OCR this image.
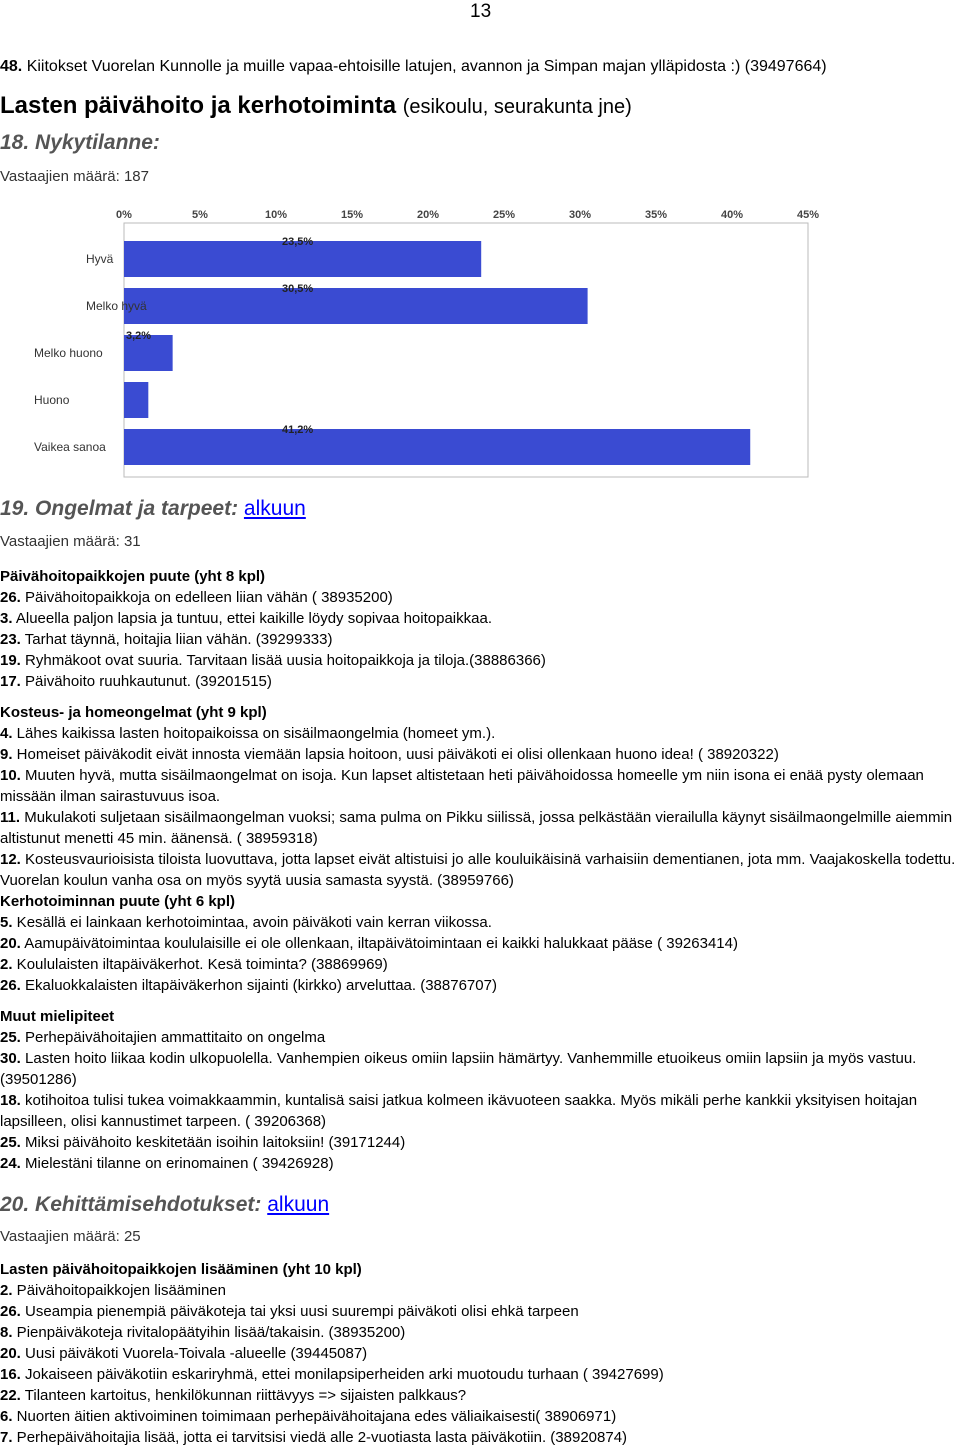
13
48. Kiitokset Vuorelan Kunnolle ja muille vapaa-ehtoisille latujen, avannon ja Simpan majan ylläpidosta :) (39497664)
Lasten päivähoito ja kerhotoiminta (esikoulu, seurakunta jne)
18. Nykytilanne:
Vastaajien määrä: 187
0%	5%	10%	15%	20%	25%	30%	35%	40%	45%
23,5%
30,5%
3,2%
41,2%
Hyvä
Melko hyvä
Melko huono
Huono
Vaikea sanoa
19. Ongelmat ja tarpeet: alkuun
Vastaajien määrä: 31

Päivähoitopaikkojen puute (yht 8 kpl)

26. Päivähoitopaikkoja on edelleen liian vähän ( 38935200)

3. Alueella paljon lapsia ja tuntuu, ettei kaikille löydy sopivaa hoitopaikkaa.

23. Tarhat täynnä, hoitajia liian vähän. (39299333)

19. Ryhmäkoot ovat suuria. Tarvitaan lisää uusia hoitopaikkoja ja tiloja.(38886366)

17. Päivähoito ruuhkautunut. (39201515)

Kosteus- ja homeongelmat (yht 9 kpl)

4. Lähes kaikissa lasten hoitopaikoissa on sisäilmaongelmia (homeet ym.).

9. Homeiset päiväkodit eivät innosta viemään lapsia hoitoon, uusi päiväkoti ei olisi ollenkaan huono idea! ( 38920322)

10. Muuten hyvä, mutta sisäilmaongelmat on isoja. Kun lapset altistetaan heti päivähoidossa homeelle ym niin isona ei enää pysty olemaan missään ilman sairastuvuus isoa.

11. Mukulakoti suljetaan sisäilmaongelman vuoksi; sama pulma on Pikku siilissä, jossa pelkästään vierailulla käynyt sisäilmaongelmille aiemmin altistunut menetti 45 min. äänensä. ( 38959318)

12. Kosteusvaurioisista tiloista luovuttava, jotta lapset eivät altistuisi jo alle kouluikäisinä varhaisiin dementianen, jota mm. Vaajakoskella todettu. Vuorelan koulun vanha osa on myös syytä uusia samasta syystä. (38959766)

Kerhotoiminnan puute (yht 6 kpl)

5. Kesällä ei lainkaan kerhotoimintaa, avoin päiväkoti vain kerran viikossa.

20. Aamupäivätoimintaa koululaisille ei ole ollenkaan, iltapäivätoimintaan ei kaikki halukkaat pääse ( 39263414)

2. Koululaisten iltapäiväkerhot. Kesä toiminta? (38869969)

26. Ekaluokkalaisten iltapäiväkerhon sijainti (kirkko) arveluttaa. (38876707)

Muut mielipiteet

25. Perhepäivähoitajien ammattitaito on ongelma

30. Lasten hoito liikaa kodin ulkopuolella. Vanhempien oikeus omiin lapsiin hämärtyy. Vanhemmille etuoikeus omiin lapsiin ja myös vastuu. (39501286)

18. kotihoitoa tulisi tukea voimakkaammin, kuntalisä saisi jatkua kolmeen ikävuoteen saakka. Myös mikäli perhe kankkii yksityisen hoitajan lapsilleen, olisi kannustimet tarpeen. ( 39206368)

25. Miksi päivähoito keskitetään isoihin laitoksiin! (39171244)

24. Mielestäni tilanne on erinomainen ( 39426928)

20. Kehittämisehdotukset: alkuun
Vastaajien määrä: 25

Lasten päivähoitopaikkojen lisääminen (yht 10 kpl)

2. Päivähoitopaikkojen lisääminen

26. Useampia pienempiä päiväkoteja tai yksi uusi suurempi päiväkoti olisi ehkä tarpeen

8. Pienpäiväkoteja rivitalopäätyihin lisää/takaisin. (38935200)

20. Uusi päiväkoti Vuorela-Toivala -alueelle (39445087)

16. Jokaiseen päiväkotiin eskariryhmä, ettei monilapsiperheiden arki muotoudu turhaan ( 39427699)

22. Tilanteen kartoitus, henkilökunnan riittävyys => sijaisten palkkaus?

6. Nuorten äitien aktivoiminen toimimaan perhepäivähoitajana edes väliaikaisesti( 38906971)

7. Perhepäivähoitajia lisää, jotta ei tarvitsisi viedä alle 2-vuotiasta lasta päiväkotiin. (38920874)
